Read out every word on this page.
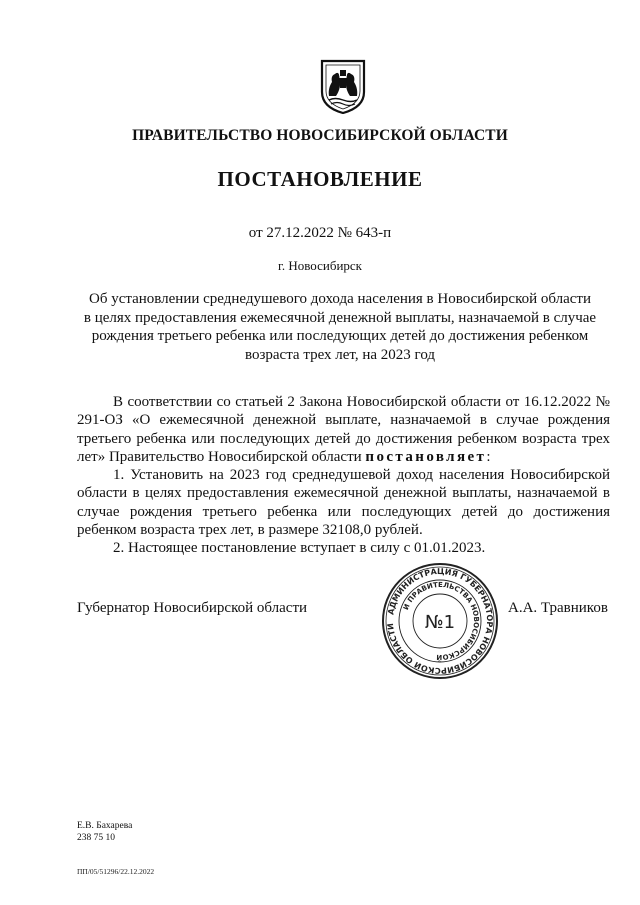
ПРАВИТЕЛЬСТВО НОВОСИБИРСКОЙ ОБЛАСТИ
ПОСТАНОВЛЕНИЕ
от 27.12.2022 № 643-п
г. Новосибирск
Об установлении среднедушевого дохода населения в Новосибирской области
в целях предоставления ежемесячной денежной выплаты, назначаемой в случае
рождения третьего ребенка или последующих детей до достижения ребенком
возраста трех лет, на 2023 год

В соответствии со статьей 2 Закона Новосибирской области от 16.12.2022 № 291-ОЗ «О ежемесячной денежной выплате, назначаемой в случае рождения третьего ребенка или последующих детей до достижения ребенком возраста трех лет» Правительство Новосибирской области постановляет:

1. Установить на 2023 год среднедушевой доход населения Новосибирской области в целях предоставления ежемесячной денежной выплаты, назначаемой в случае рождения третьего ребенка или последующих детей до достижения ребенком возраста трех лет, в размере 32108,0 рублей.

2. Настоящее постановление вступает в силу с 01.01.2023.

Губернатор Новосибирской области	А.А. Травников
АДМИНИСТРАЦИЯ ГУБЕРНАТОРА НОВОСИБИРСКОЙ ОБЛАСТИ
И ПРАВИТЕЛЬСТВА НОВОСИБИРСКОЙ
№1
Е.В. Бахарева
238 75 10
ПП/05/51296/22.12.2022
